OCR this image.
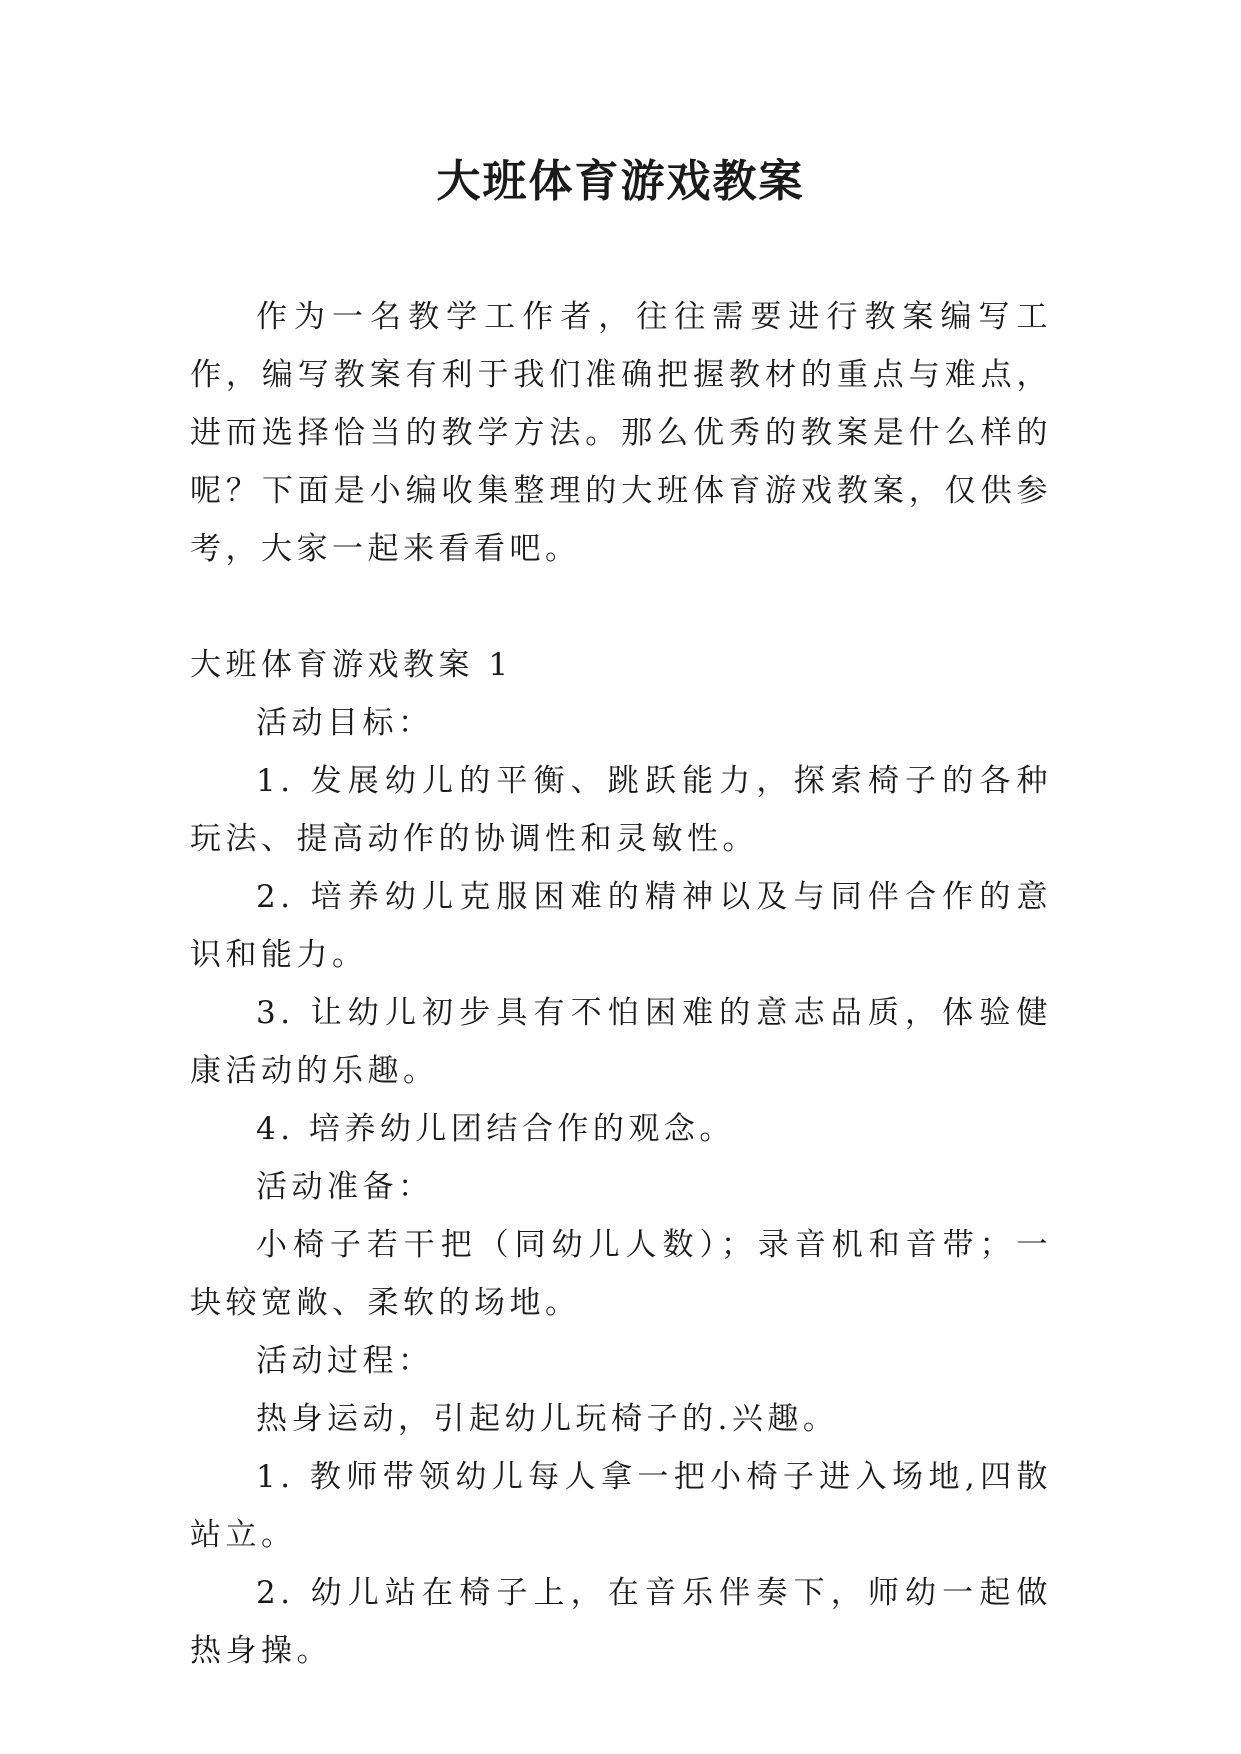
大班体育游戏教案

作为一名教学工作者，往往需要进行教案编写工作，编写教案有利于我们准确把握教材的重点与难点，进而选择恰当的教学方法。那么优秀的教案是什么样的呢？下面是小编收集整理的大班体育游戏教案，仅供参考，大家一起来看看吧。

大班体育游戏教案 1

活动目标：

1. 发展幼儿的平衡、跳跃能力，探索椅子的各种玩法、提高动作的协调性和灵敏性。

2. 培养幼儿克服困难的精神以及与同伴合作的意识和能力。

3. 让幼儿初步具有不怕困难的意志品质，体验健康活动的乐趣。

4. 培养幼儿团结合作的观念。

活动准备：

小椅子若干把（同幼儿人数）；录音机和音带；一块较宽敞、柔软的场地。

活动过程：

热身运动，引起幼儿玩椅子的.兴趣。

1. 教师带领幼儿每人拿一把小椅子进入场地,四散站立。

2. 幼儿站在椅子上，在音乐伴奏下，师幼一起做热身操。
